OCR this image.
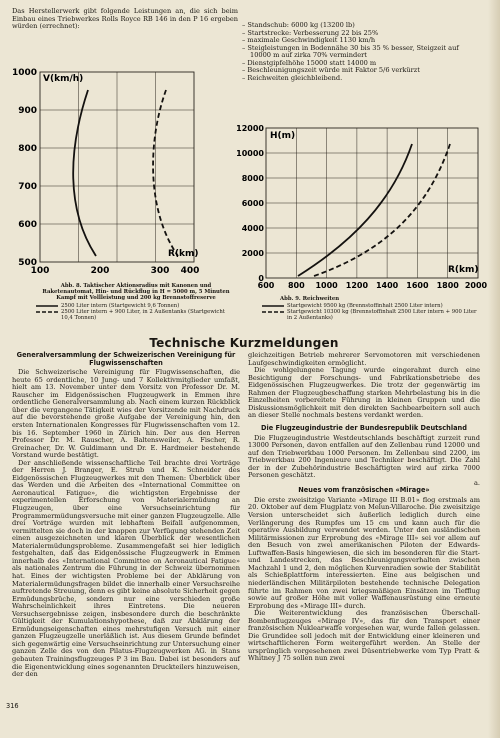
Das Herstellerwerk gibt folgende Leistungen an, die sich beim Einbau eines Triebwerkes Rolls Royce RB 146 in den P 16 ergeben würden (errechnet):	– Standschub: 6000 kg (13200 lb)
– Startstrecke: Verbesserung 22 bis 25%
– maximale Geschwindigkeit 1130 km/h
– Steigleistungen in Bodennähe 30 bis 35 % besser, Steigzeit auf 10000 m auf zirka 70% vermindert
– Dienstgipfelhöhe 15000 statt 14000 m
– Beschleunigungszeit würde mit Faktor 5/6 verkürzt
– Reichweiten gleichbleibend.
V(km/h)
R(km)
500
600
700
800
900
1000
100	200	300 400
Abb. 8. Taktischer Aktionsradius mit Kanonen und Raketenautomat, Hin- und Rückflug in H = 5000 m, 5 Minuten Kampf mit Vollleistung und 200 kg Brennstoffreserve
2500 Liter intern (Startgewicht 9,6 Tonnen)
2500 Liter intern + 900 Liter, in 2 Außentanks (Startgewicht 10,4 Tonnen)
H(m)
R(km)
0
2000
4000
6000
8000
10000
12000
600 800 1000 1200 1400 1600 1800 2000
Abb. 9. Reichweiten
Startgewicht 9500 kg (Brennstoffinhalt 2500 Liter intern)
Startgewicht 10300 kg (Brennstoffinhalt 2500 Liter intern + 900 Liter in 2 Außentanks)
Technische Kurzmeldungen

Generalversammlung der Schweizerischen Vereinigung für Flugwissenschaften

Die Schweizerische Vereinigung für Flugwissenschaften, die heute 65 ordentliche, 10 Jung- und 7 Kollektivmitglieder umfaßt, hielt am 13. November unter dem Vorsitz von Professor Dr. M. Rauscher im Eidgenössischen Flugzeugwerk in Emmen ihre ordentliche Generalversammlung ab. Nach einem kurzen Rückblick über die vergangene Tätigkeit wies der Vorsitzende mit Nachdruck auf die bevorstehende große Aufgabe der Vereinigung hin, den ersten Internationalen Kongresses für Flugwissenschaften vom 12. bis 16. September 1960 in Zürich hin. Der aus den Herren Professor Dr. M. Rauscher, A. Baltensweiler, A. Fischer, R. Greinacher, Dr. W. Guldimann und Dr. E. Hardmeier bestehende Vorstand wurde bestätigt.

Der anschließende wissenschaftliche Teil brachte drei Vorträge der Herren J. Branger, E. Strub und K. Schneider des Eidgenössischen Flugzeugwerkes mit den Themen: Überblick über das Werden und die Arbeiten des «International Committee on Aeronautical Fatigue», die wichtigsten Ergebnisse der experimentellen Erforschung von Materialermüdung an Flugzeugen, über eine Versuchseinrichtung für Programmermüdungsversuche mit einer ganzen Flugzeugzelle. Alle drei Vorträge wurden mit lebhaftem Beifall aufgenommen, vermittelten sie doch in der knappen zur Verfügung stehenden Zeit einen ausgezeichneten und klaren Überblick der wesentlichen Materialermüdungsprobleme. Zusammengefaßt sei hier lediglich festgehalten, daß das Eidgenössische Flugzeugwerk in Emmen innerhalb des «International Committee on Aeronautical Fatigue» als nationales Zentrum die Führung in der Schweiz übernommen hat. Eines der wichtigsten Probleme bei der Abklärung von Materialermüdungsfragen bildet die innerhalb einer Versuchsreihe auftretende Streuung, denn es gibt keine absolute Sicherheit gegen Ermüdungsbrüche, sondern nur eine verschieden große Wahrscheinlichkeit ihres Eintretens. Die neueren Versuchsergebnisse zeigen, insbesondere durch die beschränkte Gültigkeit der Kumulationshypothese, daß zur Abklärung der Ermüdungseigenschaften eines mehrstufigen Versuch mit einer ganzen Flugzeugzelle unerläßlich ist. Aus diesem Grunde befindet sich gegenwärtig eine Versuchseinrichtung zur Untersuchung einer ganzen Zelle des von den Pilatus-Flugzeugwerken AG. in Stans gebauten Trainingsflugzeuges P 3 im Bau. Dabei ist besonders auf die Eigenentwicklung eines sogenannten Druckteilers hinzuweisen, der den

gleichzeitigen Betrieb mehrerer Servomotoren mit verschiedenen Laufgeschwindigkeiten ermöglicht.

Die wohlgelungene Tagung wurde eingerahmt durch eine Besichtigung der Forschungs- und Fabrikationsbetriebe des Eidgenössischen Flugzeugwerkes. Die trotz der gegenwärtig im Rahmen der Flugzeugbeschaffung starken Mehrbelastung bis in die Einzelheiten vorbereitete Führung in kleinen Gruppen und die Diskussionsmöglichkeit mit den direkten Sachbearbeitern soll auch an dieser Stelle nochmals bestens verdankt werden.

Die Flugzeugindustrie der Bundesrepublik Deutschland

Die Flugzeugindustrie Westdeutschlands beschäftigt zurzeit rund 13000 Personen, davon entfallen auf den Zellenbau rund 12000 und auf den Triebwerkbau 1000 Personen. Im Zellenbau sind 2200, im Triebwerkbau 200 Ingenieure und Techniker beschäftigt. Die Zahl der in der Zubehörindustrie Beschäftigten wird auf zirka 7000 Personen geschätzt.

a.

Neues vom französischen «Mirage»

Die erste zweisitzige Variante «Mirage III B.01» flog erstmals am 20. Oktober auf dem Flugplatz von Melun-Villaroche. Die zweisitzige Version unterscheidet sich äußerlich lediglich durch eine Verlängerung des Rumpfes um 15 cm und kann auch für die operative Ausbildung verwendet werden. Unter den ausländischen Militärmissionen zur Erprobung des «Mirage III» sei vor allem auf den Besuch von zwei amerikanischen Piloten der Edwards-Luftwaffen-Basis hingewiesen, die sich im besonderen für die Start- und Landestrecken, das Beschleunigungsverhalten zwischen Machzahl 1 und 2, den möglichen Kurvenradien sowie der Stabilität als Schießplattform interessierten. Eine aus belgischen und niederländischen Militärpiloten bestehende technische Delegation führte im Rahmen von zwei kriegsmäßigen Einsätzen im Tiefflug sowie auf großer Höhe mit voller Waffenausrüstung eine erneute Erprobung des «Mirage III» durch.

Die Weiterentwicklung des französischen Überschall-Bombenflugzeuges «Mirage IV», das für den Transport einer französischen Nuklearwaffe vorgesehen war, wurde fallen gelassen. Die Grundidee soll jedoch mit der Entwicklung einer kleineren und wirtschaftlicheren Form weitergeführt werden. An Stelle der ursprünglich vorgesehenen zwei Düsentriebwerke vom Typ Pratt & Whitney J 75 sollen nun zwei

316
